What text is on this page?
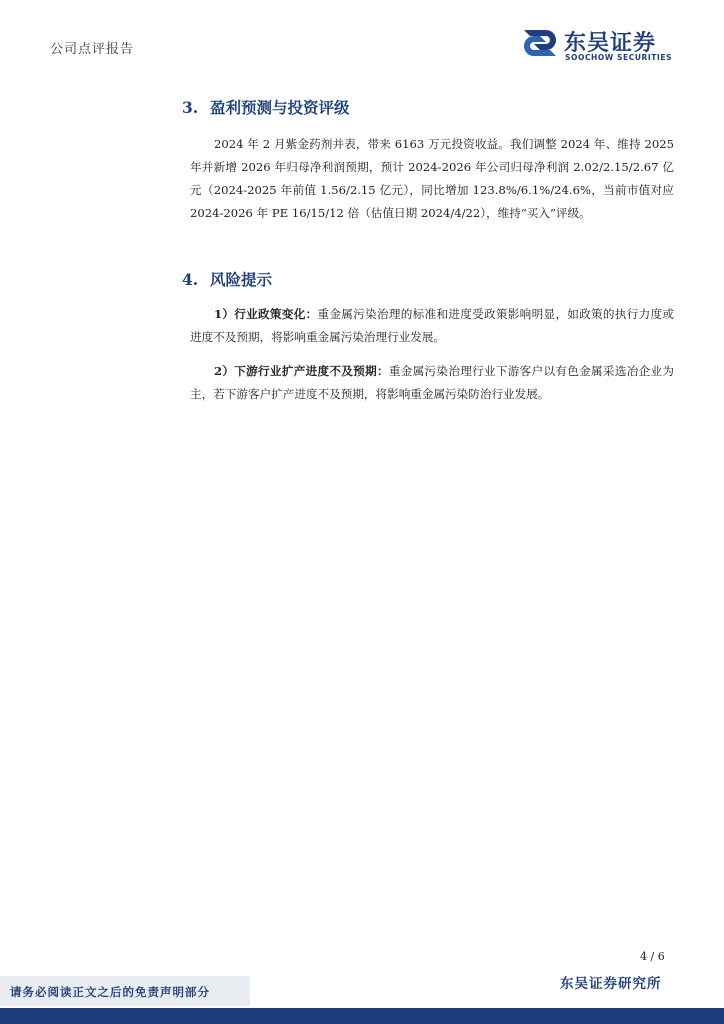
公司点评报告	东吴证券
SOOCHOW SECURITIES
3. 盈利预测与投资评级
2024 年 2 月紫金药剂并表，带来 6163 万元投资收益。我们调整 2024 年、维持 2025 年并新增 2026 年归母净利润预期，预计 2024-2026 年公司归母净利润 2.02/2.15/2.67 亿元（2024-2025 年前值 1.56/2.15 亿元），同比增加 123.8%/6.1%/24.6%，当前市值对应 2024-2026 年 PE 16/15/12 倍（估值日期 2024/4/22），维持“买入”评级。
4. 风险提示
1）行业政策变化：重金属污染治理的标准和进度受政策影响明显，如政策的执行力度或进度不及预期，将影响重金属污染治理行业发展。
2）下游行业扩产进度不及预期：重金属污染治理行业下游客户以有色金属采选冶企业为主，若下游客户扩产进度不及预期，将影响重金属污染防治行业发展。
4 / 6
东吴证券研究所
请务必阅读正文之后的免责声明部分
